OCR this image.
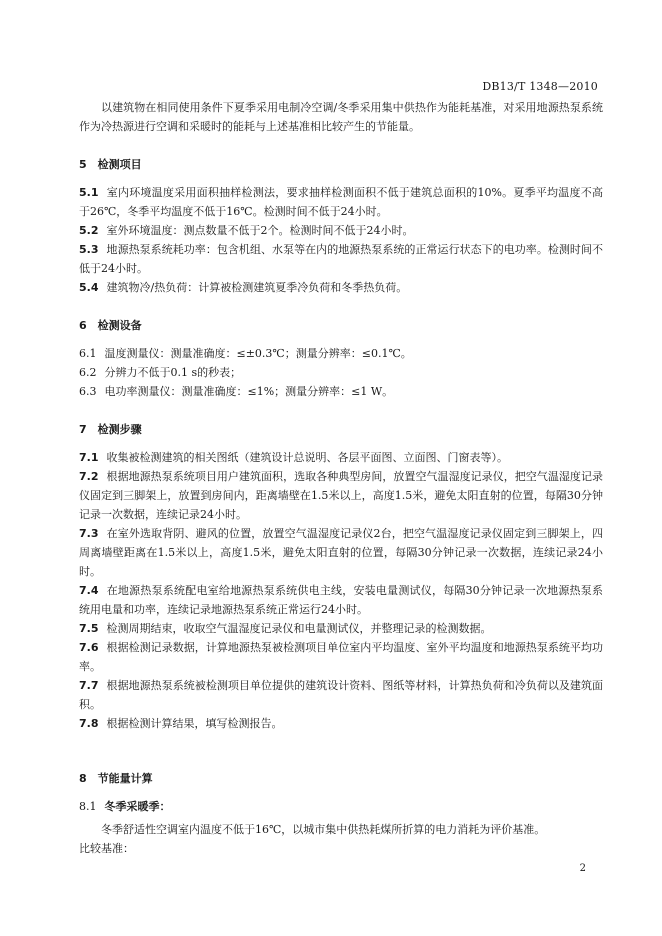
DB13/T 1348—2010

以建筑物在相同使用条件下夏季采用电制冷空调/冬季采用集中供热作为能耗基准，对采用地源热泵系统作为冷热源进行空调和采暖时的能耗与上述基准相比较产生的节能量。

5　检测项目

5.1 室内环境温度采用面积抽样检测法，要求抽样检测面积不低于建筑总面积的10%。夏季平均温度不高于26℃，冬季平均温度不低于16℃。检测时间不低于24小时。

5.2 室外环境温度：测点数量不低于2个。检测时间不低于24小时。

5.3 地源热泵系统耗功率：包含机组、水泵等在内的地源热泵系统的正常运行状态下的电功率。检测时间不低于24小时。

5.4 建筑物冷/热负荷：计算被检测建筑夏季冷负荷和冬季热负荷。

6　检测设备

6.1 温度测量仪：测量准确度：≤±0.3℃；测量分辨率：≤0.1℃。

6.2 分辨力不低于0.1 s的秒表；

6.3 电功率测量仪：测量准确度：≤1%；测量分辨率：≤1 W。

7　检测步骤

7.1 收集被检测建筑的相关图纸（建筑设计总说明、各层平面图、立面图、门窗表等）。

7.2 根据地源热泵系统项目用户建筑面积，选取各种典型房间，放置空气温湿度记录仪，把空气温湿度记录仪固定到三脚架上，放置到房间内，距离墙壁在1.5米以上，高度1.5米，避免太阳直射的位置，每隔30分钟记录一次数据，连续记录24小时。

7.3 在室外选取背阴、避风的位置，放置空气温湿度记录仪2台，把空气温湿度记录仪固定到三脚架上，四周离墙壁距离在1.5米以上，高度1.5米，避免太阳直射的位置，每隔30分钟记录一次数据，连续记录24小时。

7.4 在地源热泵系统配电室给地源热泵系统供电主线，安装电量测试仪，每隔30分钟记录一次地源热泵系统用电量和功率，连续记录地源热泵系统正常运行24小时。

7.5 检测周期结束，收取空气温湿度记录仪和电量测试仪，并整理记录的检测数据。

7.6 根据检测记录数据，计算地源热泵被检测项目单位室内平均温度、室外平均温度和地源热泵系统平均功率。

7.7 根据地源热泵系统被检测项目单位提供的建筑设计资料、图纸等材料，计算热负荷和冷负荷以及建筑面积。

7.8 根据检测计算结果，填写检测报告。

8　节能量计算

8.1 冬季采暖季：

冬季舒适性空调室内温度不低于16℃，以城市集中供热耗煤所折算的电力消耗为评价基准。

比较基准：

2
